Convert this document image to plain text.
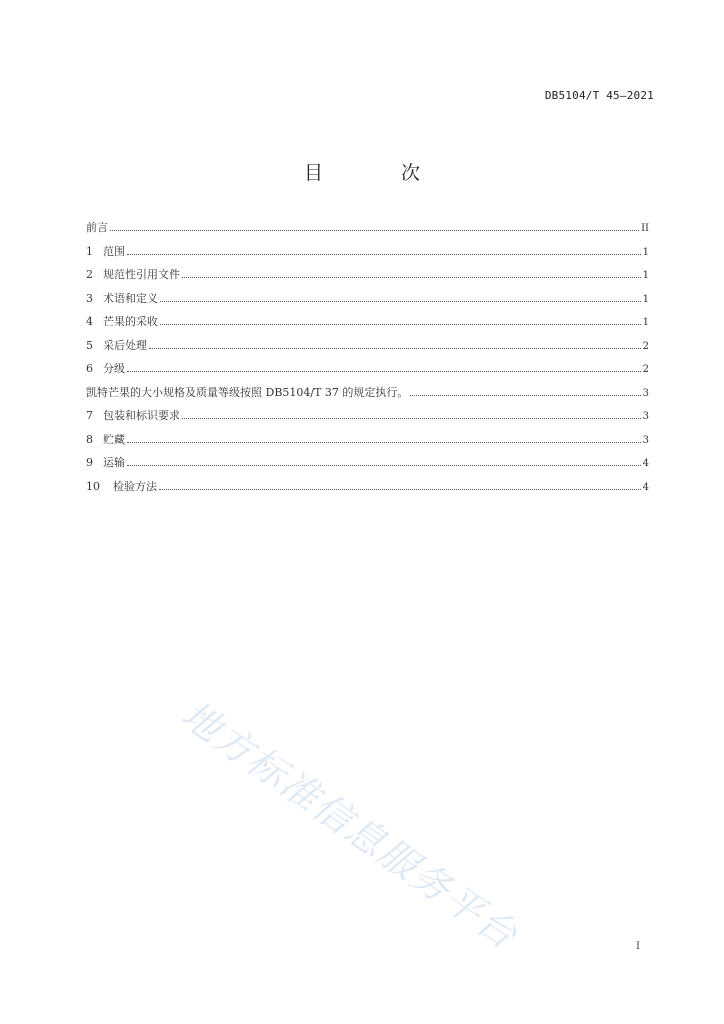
DB5104/T 45—2021
目 次
前言	II
1 范围	1
2 规范性引用文件	1
3 术语和定义	1
4 芒果的采收	1
5 采后处理	2
6 分级	2
凯特芒果的大小规格及质量等级按照 DB5104/T 37 的规定执行。	3
7 包装和标识要求	3
8 贮藏	3
9 运输	4
10	检验方法	4
地方标准信息服务平台	I
